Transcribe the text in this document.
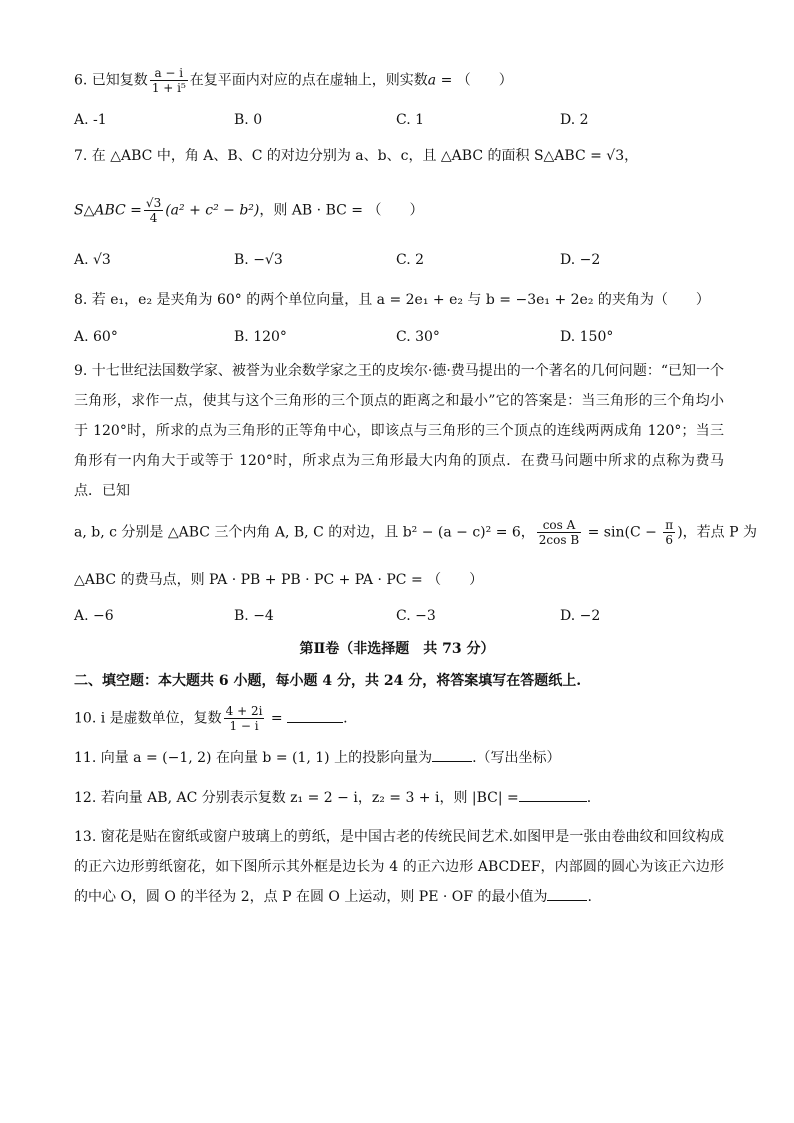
6. 已知复数 $\frac{a - i}{\text{1 + i⁵}}$ 在复平面内对应的点在虚轴上，则实数a = （　　）
A. -1	B. 0	C. 1	D. 2
7. 在 △ABC 中，角 A、B、C 的对边分别为 a、b、c，且 △ABC 的面积 S△ABC = √3，
S△ABC = $\frac{√3}{4} (a^2 + c^2 - b^2)$，则 AB · BC = （　　）
A. √3	B. −√3	C. 2	D. −2
8. 若 e₁，e₂ 是夹角为 60° 的两个单位向量，且 a = 2e₁ + e₂ 与 b = −3e₁ + 2e₂ 的夹角为（　　）
A. 60°	B. 120°	C. 30°	D. 150°
9. 十七世纪法国数学家、被誉为业余数学家之王的皮埃尔·德·费马提出的一个著名的几何问题：“已知一个三角形，求作一点，使其与这个三角形的三个顶点的距离之和最小”它的答案是：当三角形的三个角均小于 120°时，所求的点为三角形的正等角中心，即该点与三角形的三个顶点的连线两两成角 120°；当三角形有一内角大于或等于 120°时，所求点为三角形最大内角的顶点．在费马问题中所求的点称为费马点．已知
a, b, c 分别是 △ABC 三个内角 A, B, C 的对边，且 b² − (a − c)² = 6， $\frac{\text{cos A}}{\text{2cos B}} = \sin(C - \frac{\pi}{6}$ )，若点 P 为
△ABC 的费马点，则 PA · PB + PB · PC + PA · PC = （　　）
A. −6	B. −4	C. −3	D. −2
第Ⅱ卷（非选择题　共 73 分）
二、填空题：本大题共 6 小题，每小题 4 分，共 24 分，将答案填写在答题纸上.
10. i 是虚数单位，复数 $\frac{4 + 2i}{1 - i}$ =	.
11. 向量 a = (−1, 2) 在向量 b = (1, 1) 上的投影向量为	.（写出坐标）
12. 若向量 AB, AC 分别表示复数 z₁ = 2 − i，z₂ = 3 + i，则 |BC| =	.
13. 窗花是贴在窗纸或窗户玻璃上的剪纸，是中国古老的传统民间艺术.如图甲是一张由卷曲纹和回纹构成的正六边形剪纸窗花，如下图所示其外框是边长为 4 的正六边形 ABCDEF，内部圆的圆心为该正六边形的中心 O，圆 O 的半径为 2，点 P 在圆 O 上运动，则 PE · OF 的最小值为	.
